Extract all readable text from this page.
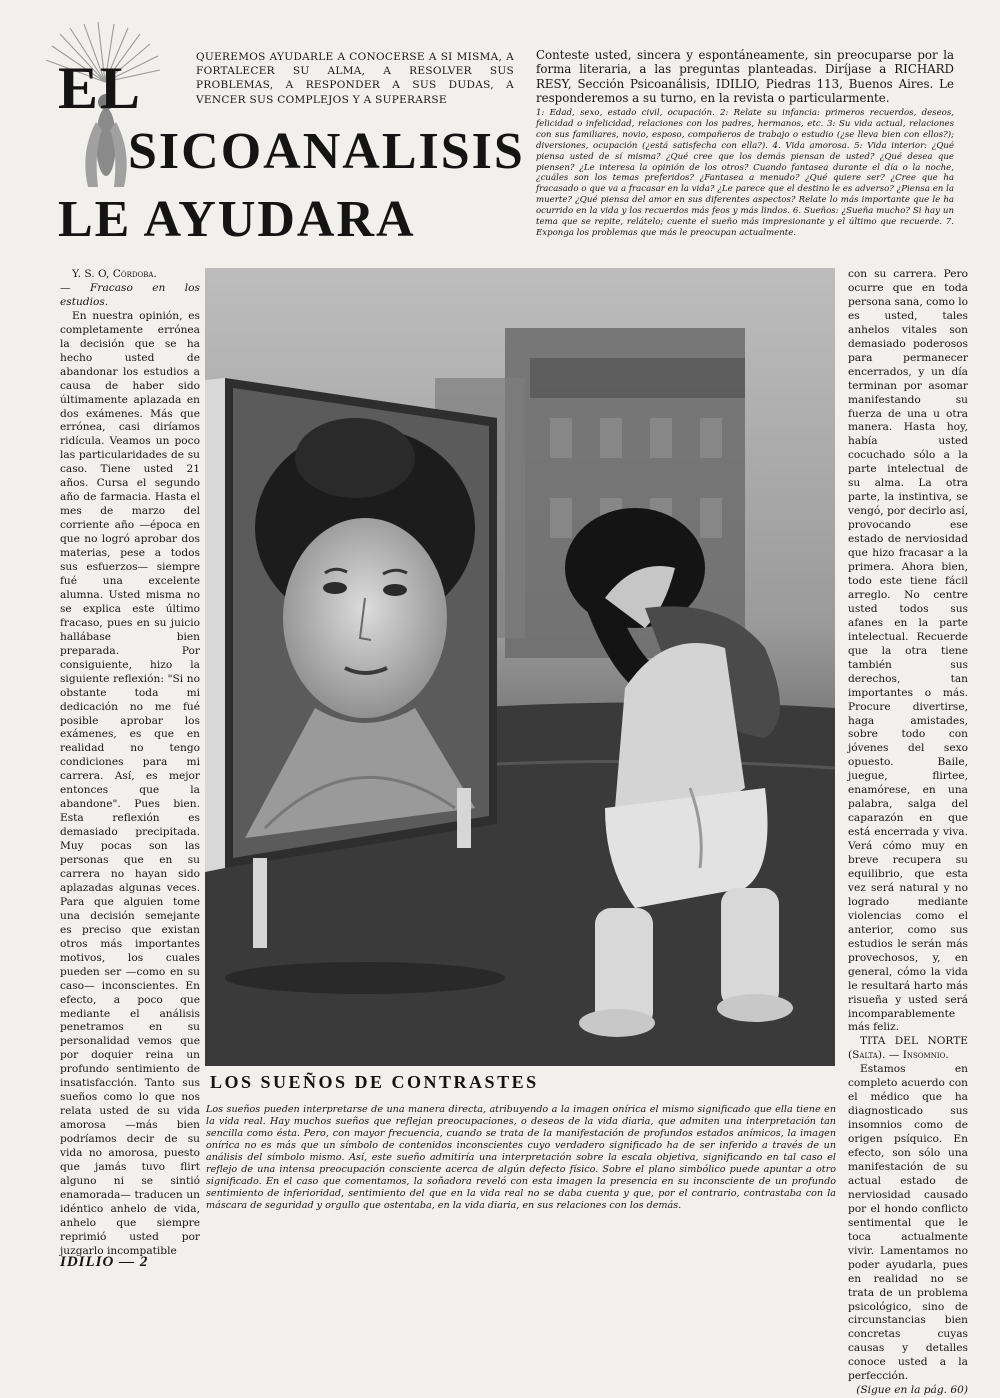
EL
SICOANALISIS
LE AYUDARA
QUEREMOS AYUDARLE A CONOCERSE A SI MISMA, A FORTALECER SU ALMA, A RESOLVER SUS PROBLEMAS, A RESPONDER A SUS DUDAS, A VENCER SUS COMPLEJOS Y A SUPERARSE
Conteste usted, sincera y espontáneamente, sin preocuparse por la forma literaria, a las preguntas planteadas. Diríjase a RICHARD RESY, Sección Psicoanálisis, IDILIO, Piedras 113, Buenos Aires. Le responderemos a su turno, en la revista o particularmente.
1: Edad, sexo, estado civil, ocupación. 2: Relate su infancia: primeros recuerdos, deseos, felicidad o infelicidad, relaciones con los padres, hermanos, etc. 3: Su vida actual, relaciones con sus familiares, novio, esposo, compañeros de trabajo o estudio (¿se lleva bien con ellos?); diversiones, ocupación (¿está satisfecha con ella?). 4. Vida amorosa. 5: Vida interior: ¿Qué piensa usted de sí misma? ¿Qué cree que los demás piensan de usted? ¿Qué desea que piensen? ¿Le interesa la opinión de los otros? Cuando fantasea durante el día o la noche, ¿cuáles son los temas preferidos? ¿Fantasea a menudo? ¿Qué quiere ser? ¿Cree que ha fracasado o que va a fracasar en la vida? ¿Le parece que el destino le es adverso? ¿Piensa en la muerte? ¿Qué piensa del amor en sus diferentes aspectos? Relate lo más importante que le ha ocurrido en la vida y los recuerdos más feos y más lindos. 6. Sueños: ¿Sueña mucho? Si hay un tema que se repite, relátelo; cuente el sueño más impresionante y el último que recuerde. 7. Exponga los problemas que más le preocupan actualmente.

Y. S. O, Córdoba.

— Fracaso en los estudios.

En nuestra opinión, es completamente errónea la decisión que se ha hecho usted de abandonar los estudios a causa de haber sido últimamente aplazada en dos exámenes. Más que errónea, casi diríamos ridícula. Veamos un poco las particularidades de su caso. Tiene usted 21 años. Cursa el segundo año de farmacia. Hasta el mes de marzo del corriente año —época en que no logró aprobar dos materias, pese a todos sus esfuerzos— siempre fué una excelente alumna. Usted misma no se explica este último fracaso, pues en su juicio hallábase bien preparada. Por consiguiente, hizo la siguiente reflexión: "Si no obstante toda mi dedicación no me fué posible aprobar los exámenes, es que en realidad no tengo condiciones para mi carrera. Así, es mejor entonces que la abandone". Pues bien. Esta reflexión es demasiado precipitada. Muy pocas son las personas que en su carrera no hayan sido aplazadas algunas veces. Para que alguien tome una decisión semejante es preciso que existan otros más importantes motivos, los cuales pueden ser —como en su caso— inconscientes. En efecto, a poco que mediante el análisis penetramos en su personalidad vemos que por doquier reina un profundo sentimiento de insatisfacción. Tanto sus sueños como lo que nos relata usted de su vida amorosa —más bien podríamos decir de su vida no amorosa, puesto que jamás tuvo flirt alguno ni se sintió enamorada— traducen un idéntico anhelo de vida, anhelo que siempre reprimió usted por juzgarlo incompatible

con su carrera. Pero ocurre que en toda persona sana, como lo es usted, tales anhelos vitales son demasiado poderosos para permanecer encerrados, y un día terminan por asomar manifestando su fuerza de una u otra manera. Hasta hoy, había usted cocuchado sólo a la parte intelectual de su alma. La otra parte, la instintiva, se vengó, por decirlo así, provocando ese estado de nerviosidad que hizo fracasar a la primera. Ahora bien, todo este tiene fácil arreglo. No centre usted todos sus afanes en la parte intelectual. Recuerde que la otra tiene también sus derechos, tan importantes o más. Procure divertirse, haga amistades, sobre todo con jóvenes del sexo opuesto. Baile, juegue, flirtee, enamórese, en una palabra, salga del caparazón en que está encerrada y viva. Verá cómo muy en breve recupera su equilibrio, que esta vez será natural y no logrado mediante violencias como el anterior, como sus estudios le serán más provechosos, y, en general, cómo la vida le resultará harto más risueña y usted será incomparablemente más feliz.

TITA DEL NORTE (Salta). — Insomnio.

Estamos en completo acuerdo con el médico que ha diagnosticado sus insomnios como de origen psíquico. En efecto, son sólo una manifestación de su actual estado de nerviosidad causado por el hondo conflicto sentimental que le toca actualmente vivir. Lamentamos no poder ayudarla, pues en realidad no se trata de un problema psicológico, sino de circunstancias bien concretas cuyas causas y detalles conoce usted a la perfección.

(Sigue en la pág. 60)

LOS SUEÑOS DE CONTRASTES
Los sueños pueden interpretarse de una manera directa, atribuyendo a la imagen onírica el mismo significado que ella tiene en la vida real. Hay muchos sueños que reflejan preocupaciones, o deseos de la vida diaria, que admiten una interpretación tan sencilla como ésta. Pero, con mayor frecuencia, cuando se trata de la manifestación de profundos estados anímicos, la imagen onírica no es más que un símbolo de contenidos inconscientes cuyo verdadero significado ha de ser inferido a través de un análisis del símbolo mismo. Así, este sueño admitiría una interpretación sobre la escala objetiva, significando en tal caso el reflejo de una intensa preocupación consciente acerca de algún defecto físico. Sobre el plano simbólico puede apuntar a otro significado. En el caso que comentamos, la soñadora reveló con esta imagen la presencia en su inconsciente de un profundo sentimiento de inferioridad, sentimiento del que en la vida real no se daba cuenta y que, por el contrario, contrastaba con la máscara de seguridad y orgullo que ostentaba, en la vida diaria, en sus relaciones con los demás.
IDILIO — 2
